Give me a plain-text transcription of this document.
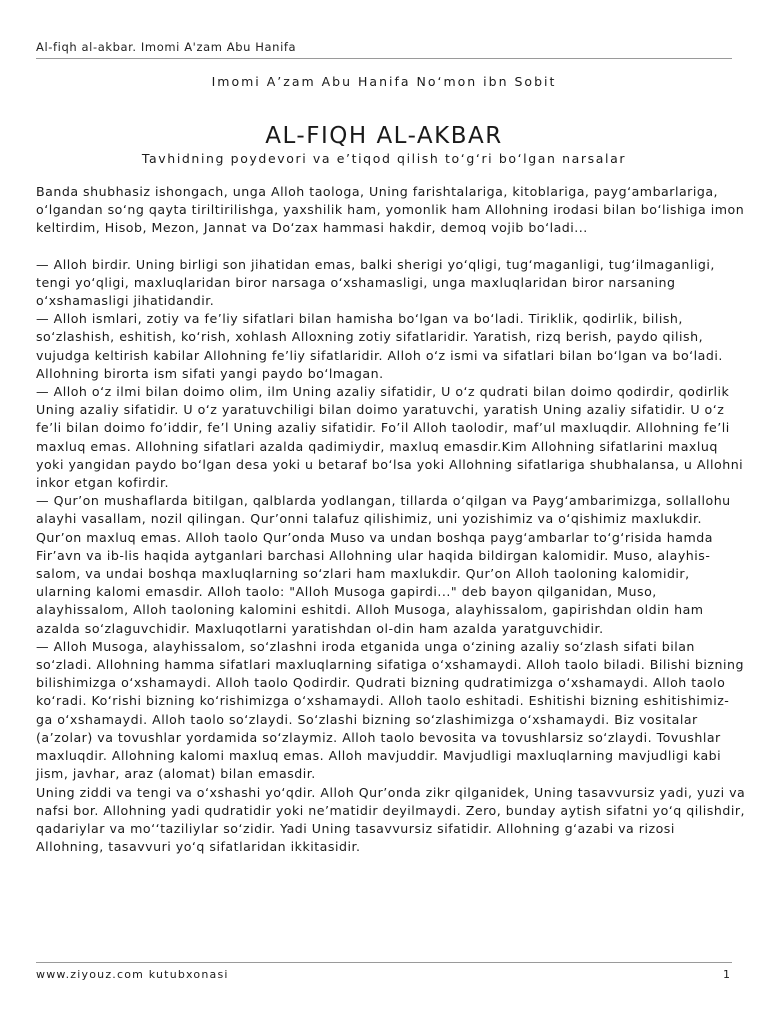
Al-fiqh al-akbar. Imomi A'zam Abu Hanifa
Imomi A’zam Abu Hanifa No‘mon ibn Sobit
AL-FIQH AL-AKBAR
Tavhidning poydevori va e’tiqod qilish to‘g‘ri bo‘lgan narsalar

Banda shubhasiz ishongach, unga Alloh taologa, Uning farishtalariga, kitoblariga, payg‘ambarlariga, o‘lgandan so‘ng qayta tiriltirilishga, yaxshilik ham, yomonlik ham Allohning irodasi bilan bo‘lishiga imon keltirdim, Hisob, Mezon, Jannat va Do‘zax hammasi hakdir, demoq vojib bo‘ladi...

— Alloh birdir. Uning birligi son jihatidan emas, balki sherigi yo‘qligi, tug‘maganligi, tug‘ilmaganligi, tengi yo‘qligi, maxluqlaridan biror narsaga o‘xshamasligi, unga maxluqlaridan biror narsaning o‘xshamasligi jihatidandir.

— Alloh ismlari, zotiy va fe’liy sifatlari bilan hamisha bo‘lgan va bo‘ladi. Tiriklik, qodirlik, bilish, so‘zlashish, eshitish, ko‘rish, xohlash Alloxning zotiy sifatlaridir. Yaratish, rizq berish, paydo qilish, vujudga keltirish kabilar Allohning fe’liy sifatlaridir. Alloh o‘z ismi va sifatlari bilan bo‘lgan va bo‘ladi. Allohning birorta ism sifati yangi paydo bo‘lmagan.

— Alloh o‘z ilmi bilan doimo olim, ilm Uning azaliy sifatidir, U o‘z qudrati bilan doimo qodirdir, qodirlik Uning azaliy sifatidir. U o‘z yaratuvchiligi bilan doimo yaratuvchi, yaratish Uning azaliy sifatidir. U o‘z fe’li bilan doimo fo’iddir, fe’l Uning azaliy sifatidir. Fo’il Alloh taolodir, maf’ul maxluqdir. Allohning fe’li maxluq emas. Allohning sifatlari azalda qadimiydir, maxluq emasdir.Kim Allohning sifatlarini maxluq yoki yangidan paydo bo‘lgan desa yoki u betaraf bo‘lsa yoki Allohning sifatlariga shubhalansa, u Allohni inkor etgan kofirdir.

— Qur’on mushaflarda bitilgan, qalblarda yodlangan, tillarda o‘qilgan va Payg‘ambarimizga, sollallohu alayhi vasallam, nozil qilingan. Qur’onni talafuz qilishimiz, uni yozishimiz va o‘qishimiz maxlukdir. Qur’on maxluq emas. Alloh taolo Qur’onda Muso va undan boshqa payg‘ambarlar to‘g‘risida hamda Fir’avn va ib-lis haqida aytganlari barchasi Allohning ular haqida bildirgan kalomidir. Muso, alayhis-salom, va undai boshqa maxluqlarning so‘zlari ham maxlukdir. Qur’on Alloh taoloning kalomidir, ularning kalomi emasdir. Alloh taolo: "Alloh Musoga gapirdi..." deb bayon qilganidan, Muso, alayhissalom, Alloh taoloning kalomini eshitdi. Alloh Musoga, alayhissalom, gapirishdan oldin ham azalda so‘zlaguvchidir. Maxluqotlarni yaratishdan ol-din ham azalda yaratguvchidir.

— Alloh Musoga, alayhissalom, so‘zlashni iroda etganida unga o‘zining azaliy so‘zlash sifati bilan so‘zladi. Allohning hamma sifatlari maxluqlarning sifatiga o‘xshamaydi. Alloh taolo biladi. Bilishi bizning bilishimizga o‘xshamaydi. Alloh taolo Qodirdir. Qudrati bizning qudratimizga o‘xshamaydi. Alloh taolo ko‘radi. Ko‘rishi bizning ko‘rishimizga o‘xshamaydi. Alloh taolo eshitadi. Eshitishi bizning eshitishimiz-ga o‘xshamaydi. Alloh taolo so‘zlaydi. So‘zlashi bizning so‘zlashimizga o‘xshamaydi. Biz vositalar (a’zolar) va tovushlar yordamida so‘zlaymiz. Alloh taolo bevosita va tovushlarsiz so‘zlaydi. Tovushlar maxluqdir. Allohning kalomi maxluq emas. Alloh mavjuddir. Mavjudligi maxluqlarning mavjudligi kabi jism, javhar, araz (alomat) bilan emasdir.

Uning ziddi va tengi va o‘xshashi yo‘qdir. Alloh Qur’onda zikr qilganidek, Uning tasavvursiz yadi, yuzi va nafsi bor. Allohning yadi qudratidir yoki ne’matidir deyilmaydi. Zero, bunday aytish sifatni yo‘q qilishdir, qadariylar va mo‘‘taziliylar so‘zidir. Yadi Uning tasavvursiz sifatidir. Allohning g‘azabi va rizosi Allohning, tasavvuri yo‘q sifatlaridan ikkitasidir.

www.ziyouz.com kutubxonasi	1
